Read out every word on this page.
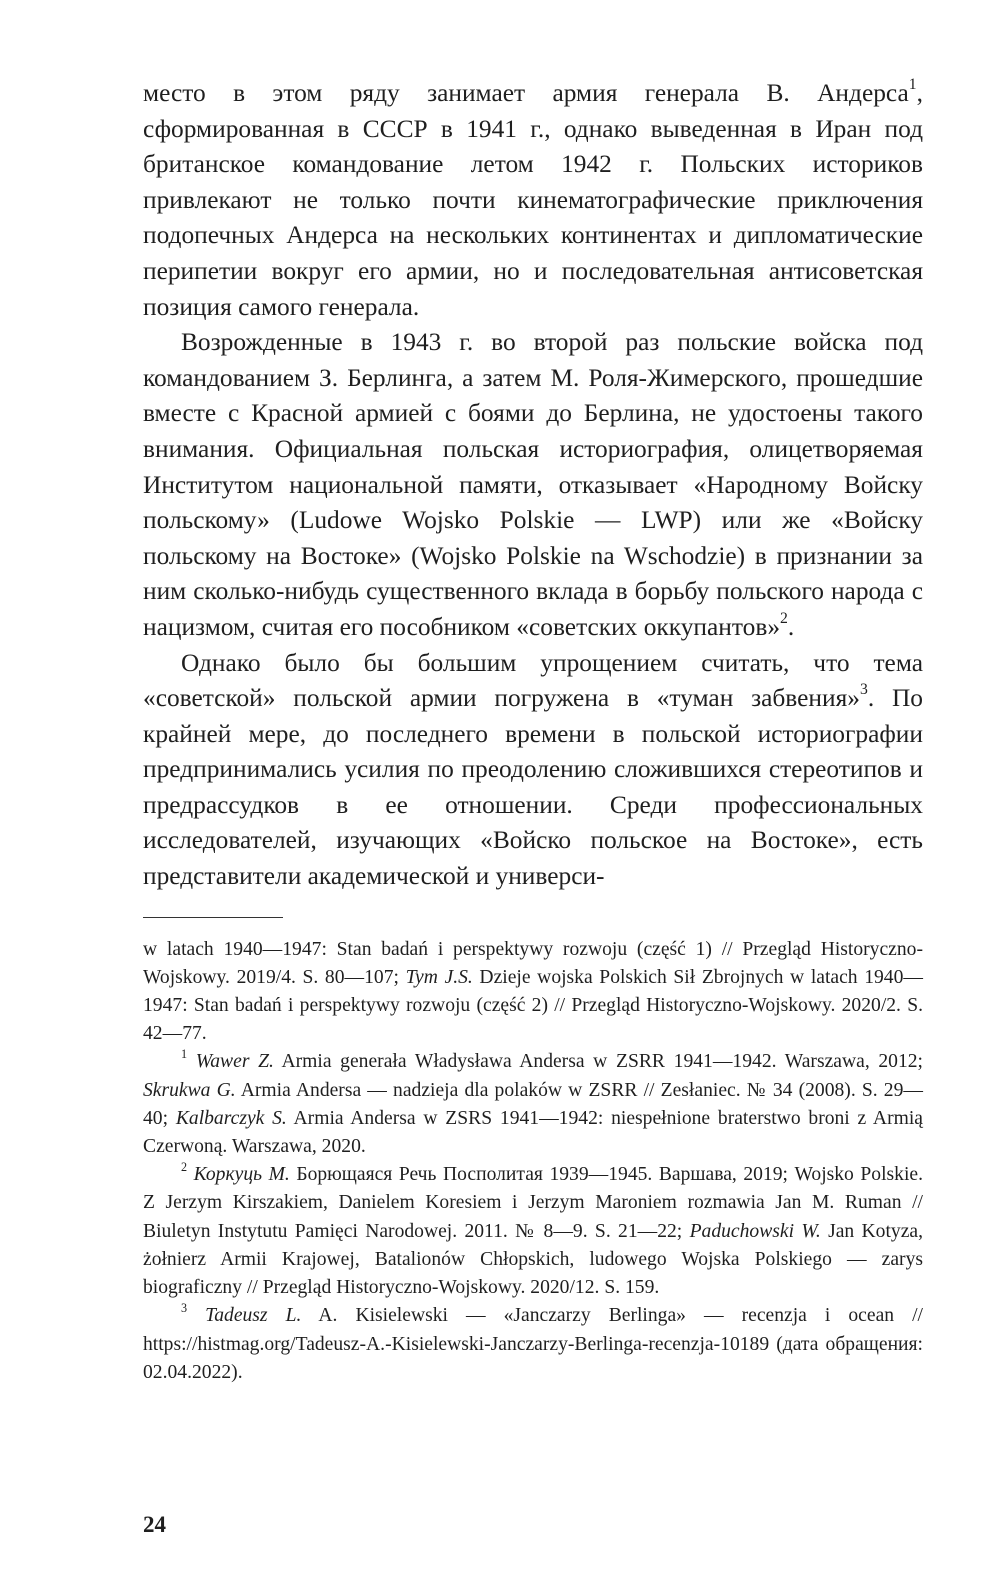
место в этом ряду занимает армия генерала В. Андерса$^1$, сформированная в СССР в 1941 г., однако выведенная в Иран под британское командование летом 1942 г. Польских историков привлекают не только почти кинематографические приключения подопечных Андерса на нескольких континентах и дипломатические перипетии вокруг его армии, но и последовательная антисоветская позиция самого генерала.

Возрожденные в 1943 г. во второй раз польские войска под командованием З. Берлинга, а затем М. Роля-Жимерского, прошедшие вместе с Красной армией с боями до Берлина, не удостоены такого внимания. Официальная польская историография, олицетворяемая Институтом национальной памяти, отказывает «Народному Войску польскому» (Ludowe Wojsko Polskie — LWP) или же «Войску польскому на Востоке» (Wojsko Polskie na Wschodzie) в признании за ним сколько-нибудь существенного вклада в борьбу польского народа с нацизмом, считая его пособником «советских оккупантов»$^2$.

Однако было бы большим упрощением считать, что тема «советской» польской армии погружена в «туман забвения»$^3$. По крайней мере, до последнего времени в польской историографии предпринимались усилия по преодолению сложившихся стереотипов и предрассудков в ее отношении. Среди профессиональных исследователей, изучающих «Войско польское на Востоке», есть представители академической и универси-

w latach 1940—1947: Stan badań i perspektywy rozwoju (część 1) // Przegląd Historyczno-Wojskowy. 2019/4. S. 80—107; Tym J.S. Dzieje wojska Polskich Sił Zbrojnych w latach 1940—1947: Stan badań i perspektywy rozwoju (część 2) // Przegląd Historyczno-Wojskowy. 2020/2. S. 42—77.

$^1$ Wawer Z. Armia generała Władysława Andersa w ZSRR 1941—1942. Warszawa, 2012; Skrukwa G. Armia Andersa — nadzieja dla polaków w ZSRR // Zesłaniec. № 34 (2008). S. 29—40; Kalbarczyk S. Armia Andersa w ZSRS 1941—1942: niespełnione braterstwo broni z Armią Czerwoną. Warszawa, 2020.

$^2$ Коркуць М. Борющаяся Речь Посполитая 1939—1945. Варшава, 2019; Wojsko Polskie. Z Jerzym Kirszakiem, Danielem Koresiem i Jerzym Maroniem rozmawia Jan M. Ruman // Biuletyn Instytutu Pamięci Narodowej. 2011. № 8—9. S. 21—22; Paduchowski W. Jan Kotyza, żołnierz Armii Krajowej, Batalionów Chłopskich, ludowego Wojska Polskiego — zarys biograficzny // Przegląd Historyczno-Wojskowy. 2020/12. S. 159.

$^3$ Tadeusz L. A. Kisielewski — «Janczarzy Berlinga» — recenzja i ocean // https://histmag.org/Tadeusz-A.-Kisielewski-Janczarzy-Berlinga-recenzja-10189 (дата обращения: 02.04.2022).

24
